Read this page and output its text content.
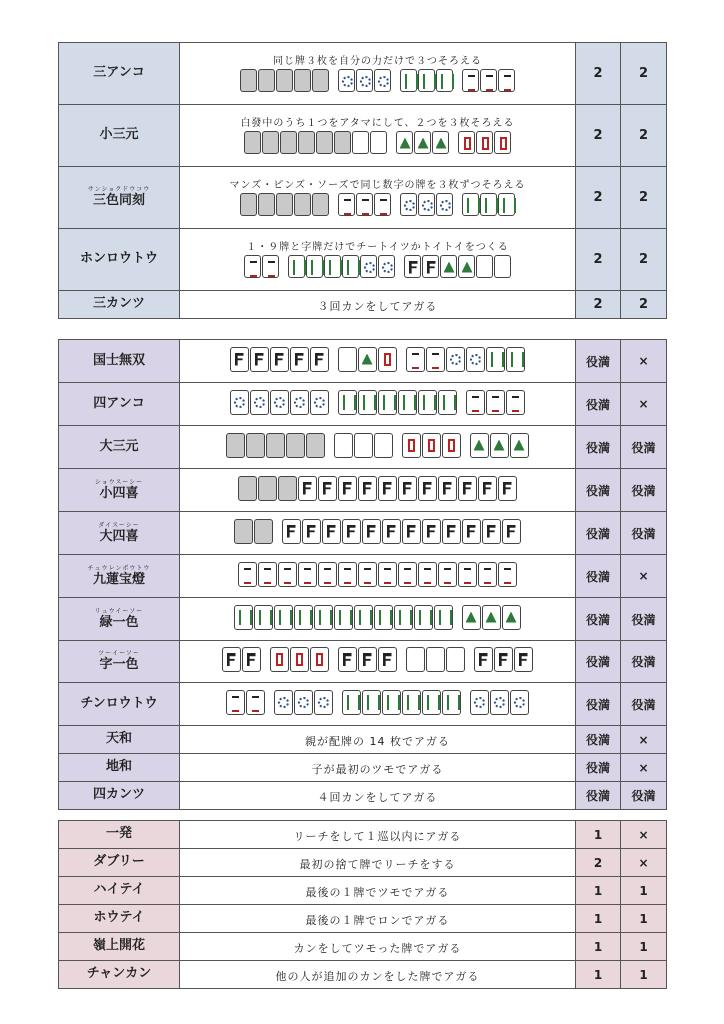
三アンコ	同じ牌３枚を自分の力だけで３つそろえる	2	2
小三元	白發中のうち１つをアタマにして、２つを３枚そろえる	2	2

サンショクドウコウ
三色同刻	マンズ・ピンズ・ソーズで同じ数字の牌を３枚ずつそろえる	2	2
ホンロウトウ	１・９牌と字牌だけでチートイツかトイトイをつくる	2	2
三カンツ	３回カンをしてアガる	2	2
国士無双		役満	×
四アンコ		役満	×
大三元		役満	役満

ショウスーシー
小四喜		役満	役満

ダイスーシー
大四喜		役満	役満

チュウレンポウトウ
九蓮宝燈		役満	×

リュウイーソー
緑一色		役満	役満

ツーイーソー
字一色		役満	役満
チンロウトウ		役満	役満
天和	親が配牌の 14 枚でアガる	役満	×
地和	子が最初のツモでアガる	役満	×
四カンツ	４回カンをしてアガる	役満	役満
一発	リーチをして１巡以内にアガる	1	×
ダブリー	最初の捨て牌でリーチをする	2	×
ハイテイ	最後の１牌でツモでアガる	1	1
ホウテイ	最後の１牌でロンでアガる	1	1
嶺上開花	カンをしてツモった牌でアガる	1	1
チャンカン	他の人が追加のカンをした牌でアガる	1	1
